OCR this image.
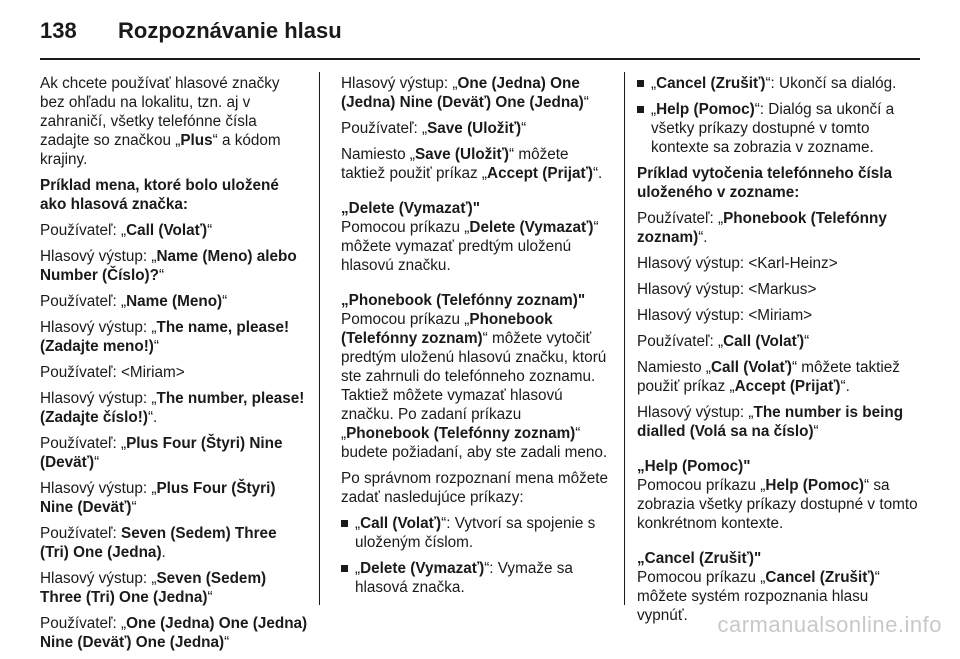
138 Rozpoznávanie hlasu

Ak chcete používať hlasové značky bez ohľadu na lokalitu, tzn. aj v zahraničí, všetky telefónne čísla zadajte so značkou „Plus“ a kódom krajiny.

Príklad mena, ktoré bolo uložené ako hlasová značka:

Používateľ: „Call (Volať)“

Hlasový výstup: „Name (Meno) alebo Number (Číslo)?“

Používateľ: „Name (Meno)“

Hlasový výstup: „The name, please! (Zadajte meno!)“

Používateľ: <Miriam>

Hlasový výstup: „The number, please! (Zadajte číslo!)“.

Používateľ: „Plus Four (Štyri) Nine (Deväť)“

Hlasový výstup: „Plus Four (Štyri) Nine (Deväť)“

Používateľ: Seven (Sedem) Three (Tri) One (Jedna).

Hlasový výstup: „Seven (Sedem) Three (Tri) One (Jedna)“

Používateľ: „One (Jedna) One (Jedna) Nine (Deväť) One (Jedna)“

Hlasový výstup: „One (Jedna) One (Jedna) Nine (Deväť) One (Jedna)“

Používateľ: „Save (Uložiť)“

Namiesto „Save (Uložiť)“ môžete taktiež použiť príkaz „Accept (Prijať)“.

„Delete (Vymazať)"

Pomocou príkazu „Delete (Vymazať)“ môžete vymazať predtým uloženú hlasovú značku.

„Phonebook (Telefónny zoznam)"

Pomocou príkazu „Phonebook (Telefónny zoznam)“ môžete vytočiť predtým uloženú hlasovú značku, ktorú ste zahrnuli do telefónneho zoznamu. Taktiež môžete vymazať hlasovú značku. Po zadaní príkazu „Phonebook (Telefónny zoznam)“ budete požiadaní, aby ste zadali meno.

Po správnom rozpoznaní mena môžete zadať nasledujúce príkazy:

„Call (Volať)“: Vytvorí sa spojenie s uloženým číslom.
„Delete (Vymazať)“: Vymaže sa hlasová značka.
„Cancel (Zrušiť)“: Ukončí sa dialóg.
„Help (Pomoc)“: Dialóg sa ukončí a všetky príkazy dostupné v tomto kontexte sa zobrazia v zozname.

Príklad vytočenia telefónneho čísla uloženého v zozname:

Používateľ: „Phonebook (Telefónny zoznam)“.

Hlasový výstup: <Karl-Heinz>

Hlasový výstup: <Markus>

Hlasový výstup: <Miriam>

Používateľ: „Call (Volať)“

Namiesto „Call (Volať)“ môžete taktiež použiť príkaz „Accept (Prijať)“.

Hlasový výstup: „The number is being dialled (Volá sa na číslo)“

„Help (Pomoc)"

Pomocou príkazu „Help (Pomoc)“ sa zobrazia všetky príkazy dostupné v tomto konkrétnom kontexte.

„Cancel (Zrušiť)"

Pomocou príkazu „Cancel (Zrušiť)“ môžete systém rozpoznania hlasu vypnúť.	carmanualsonline.info
